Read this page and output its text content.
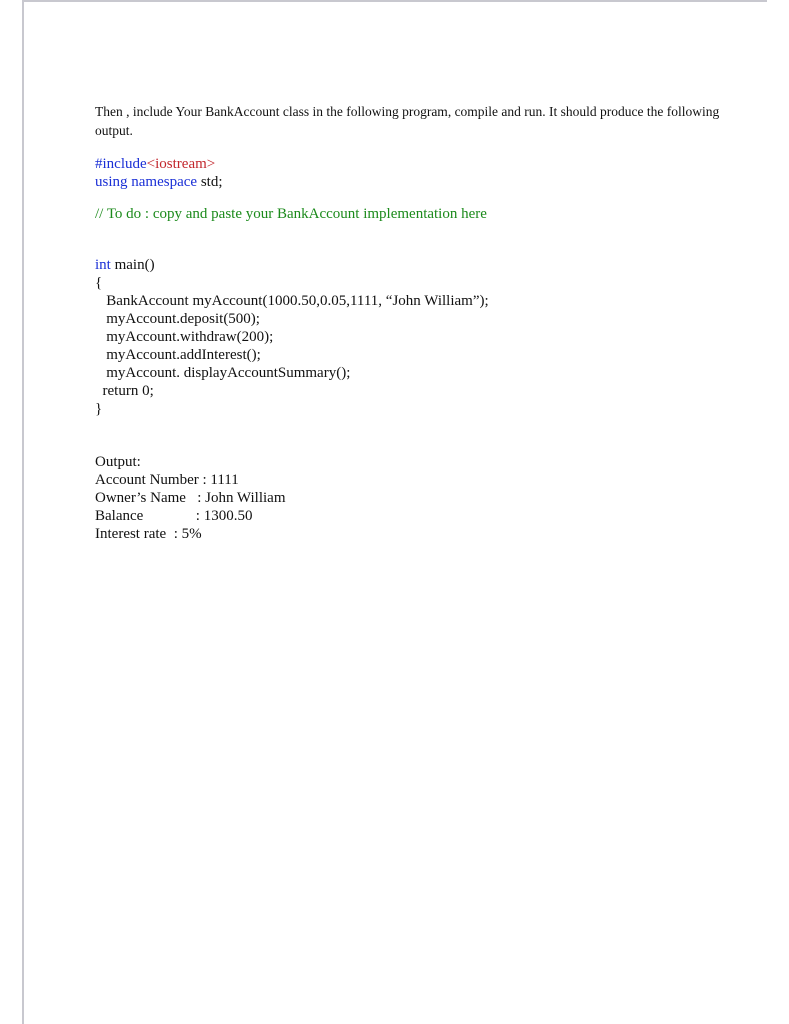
Then , include Your BankAccount class in the following program, compile and run. It should produce the following output.

#include<iostream>
using namespace std;
// To do : copy and paste your BankAccount implementation here
int main()
{
BankAccount myAccount(1000.50,0.05,1111, “John William”);
myAccount.deposit(500);
myAccount.withdraw(200);
myAccount.addInterest();
myAccount. displayAccountSummary();
return 0;
}
Output:
Account Number : 1111
Owner’s Name   : John William
Balance              : 1300.50
Interest rate  : 5%
